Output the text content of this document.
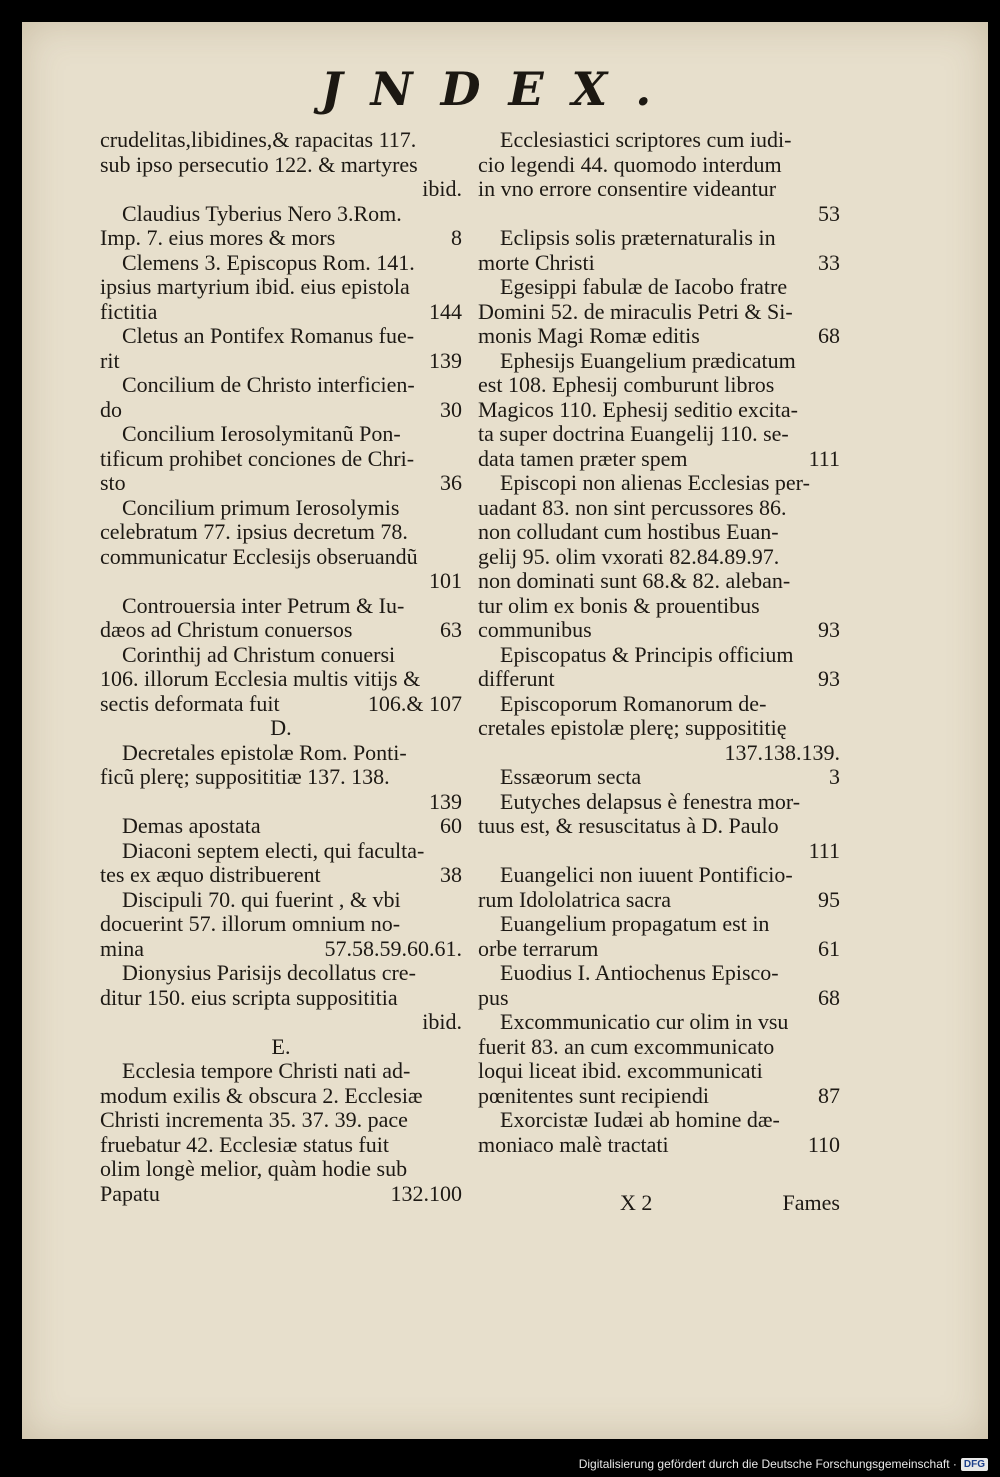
JNDEX.
crudelitas,libidines,& rapacitas 117.
sub ipso persecutio 122. & martyres
ibid.
Claudius Tyberius Nero 3.Rom.
Imp. 7. eius mores & mors	8
Clemens 3. Episcopus Rom. 141.
ipsius martyrium ibid. eius epistola
fictitia	144
Cletus an Pontifex Romanus fue-
rit	139
Concilium de Christo interficien-
do	30
Concilium Ierosolymitanũ Pon-
tificum prohibet conciones de Chri-
sto	36
Concilium primum Ierosolymis
celebratum 77. ipsius decretum 78.
communicatur Ecclesijs obseruandũ
101
Controuersia inter Petrum & Iu-
dæos ad Christum conuersos	63
Corinthij ad Christum conuersi
106. illorum Ecclesia multis vitijs &
sectis deformata fuit	106.& 107
D.
Decretales epistolæ Rom. Ponti-
ficũ plerę; supposititiæ 137. 138.
139
Demas apostata	60
Diaconi septem electi, qui faculta-
tes ex æquo distribuerent	38
Discipuli 70. qui fuerint , & vbi
docuerint 57. illorum omnium no-
mina	57.58.59.60.61.
Dionysius Parisijs decollatus cre-
ditur 150. eius scripta supposititia
ibid.
E.
Ecclesia tempore Christi nati ad-
modum exilis & obscura 2. Ecclesiæ
Christi incrementa 35. 37. 39. pace
fruebatur 42. Ecclesiæ status fuit
olim longè melior, quàm hodie sub
Papatu	132.100
Ecclesiastici scriptores cum iudi-
cio legendi 44. quomodo interdum
in vno errore consentire videantur
53
Eclipsis solis præternaturalis in
morte Christi	33
Egesippi fabulæ de Iacobo fratre
Domini 52. de miraculis Petri & Si-
monis Magi Romæ editis	68
Ephesijs Euangelium prædicatum
est 108. Ephesij comburunt libros
Magicos 110. Ephesij seditio excita-
ta super doctrina Euangelij 110. se-
data tamen præter spem	111
Episcopi non alienas Ecclesias per-
uadant 83. non sint percussores 86.
non colludant cum hostibus Euan-
gelij 95. olim vxorati 82.84.89.97.
non dominati sunt 68.& 82. aleban-
tur olim ex bonis & prouentibus
communibus	93
Episcopatus & Principis officium
differunt	93
Episcoporum Romanorum de-
cretales epistolæ plerę; supposititię
137.138.139.
Essæorum secta	3
Eutyches delapsus è fenestra mor-
tuus est, & resuscitatus à D. Paulo
111
Euangelici non iuuent Pontificio-
rum Idololatrica sacra	95
Euangelium propagatum est in
orbe terrarum	61
Euodius I. Antiochenus Episco-
pus	68
Excommunicatio cur olim in vsu
fuerit 83. an cum excommunicato
loqui liceat ibid. excommunicati
pœnitentes sunt recipiendi	87
Exorcistæ Iudæi ab homine dæ-
moniaco malè tractati	110
X 2	Fames
Digitalisierung gefördert durch die Deutsche Forschungsgemeinschaft · DFG
